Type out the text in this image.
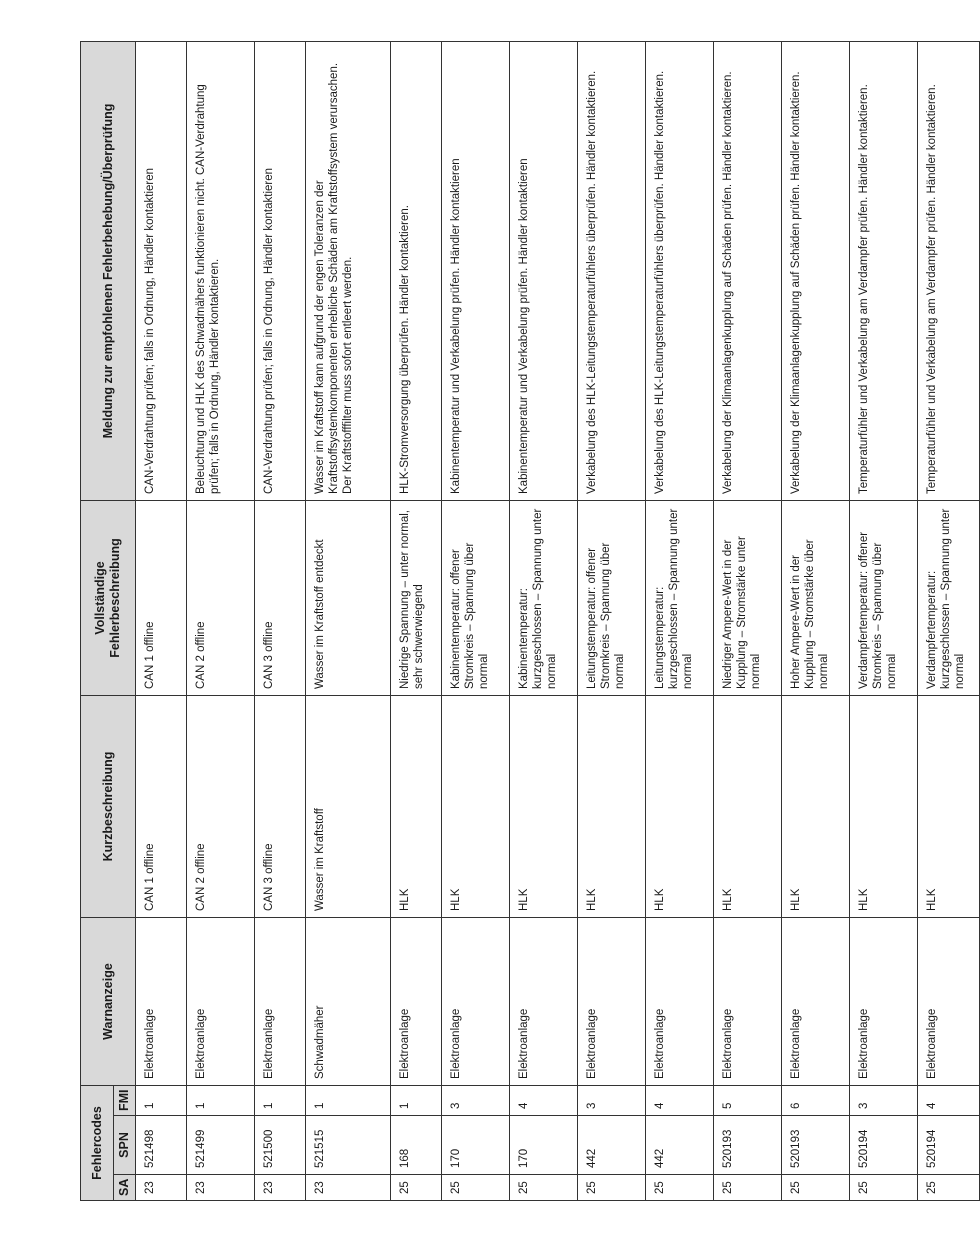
Fehlercodes			Warnanzeige	Kurzbeschreibung	Vollständige Fehlerbeschreibung	Meldung zur empfohlenen Fehlerbehebung/Überprüfung
SA	SPN	FMI				
23	521498	1	Elektroanlage	CAN 1 offline	CAN 1 offline	CAN-Verdrahtung prüfen; falls in Ordnung, Händler kontaktieren
23	521499	1	Elektroanlage	CAN 2 offline	CAN 2 offline	Beleuchtung und HLK des Schwadmähers funktionieren nicht. CAN-Verdrahtung prüfen; falls in Ordnung, Händler kontaktieren.
23	521500	1	Elektroanlage	CAN 3 offline	CAN 3 offline	CAN-Verdrahtung prüfen; falls in Ordnung, Händler kontaktieren
23	521515	1	Schwadmäher	Wasser im Kraftstoff	Wasser im Kraftstoff entdeckt	Wasser im Kraftstoff kann aufgrund der engen Toleranzen der Kraftstoffsystemkomponenten erhebliche Schäden am Kraftstoffsystem verursachen. Der Kraftstofffilter muss sofort entleert werden.
25	168	1	Elektroanlage	HLK	Niedrige Spannung – unter normal, sehr schwerwiegend	HLK-Stromversorgung überprüfen. Händler kontaktieren.
25	170	3	Elektroanlage	HLK	Kabinentemperatur: offener Stromkreis – Spannung über normal	Kabinentemperatur und Verkabelung prüfen. Händler kontaktieren
25	170	4	Elektroanlage	HLK	Kabinentemperatur: kurzgeschlossen – Spannung unter normal	Kabinentemperatur und Verkabelung prüfen. Händler kontaktieren
25	442	3	Elektroanlage	HLK	Leitungstemperatur: offener Stromkreis – Spannung über normal	Verkabelung des HLK-Leitungstemperaturfühlers überprüfen. Händler kontaktieren.
25	442	4	Elektroanlage	HLK	Leitungstemperatur: kurzgeschlossen – Spannung unter normal	Verkabelung des HLK-Leitungstemperaturfühlers überprüfen. Händler kontaktieren.
25	520193	5	Elektroanlage	HLK	Niedriger Ampere-Wert in der Kupplung – Stromstärke unter normal	Verkabelung der Klimaanlagenkupplung auf Schäden prüfen. Händler kontaktieren.
25	520193	6	Elektroanlage	HLK	Hoher Ampere-Wert in der Kupplung – Stromstärke über normal	Verkabelung der Klimaanlagenkupplung auf Schäden prüfen. Händler kontaktieren.
25	520194	3	Elektroanlage	HLK	Verdampfertemperatur: offener Stromkreis – Spannung über normal	Temperaturfühler und Verkabelung am Verdampfer prüfen. Händler kontaktieren.
25	520194	4	Elektroanlage	HLK	Verdampfertemperatur: kurzgeschlossen – Spannung unter normal	Temperaturfühler und Verkabelung am Verdampfer prüfen. Händler kontaktieren.
